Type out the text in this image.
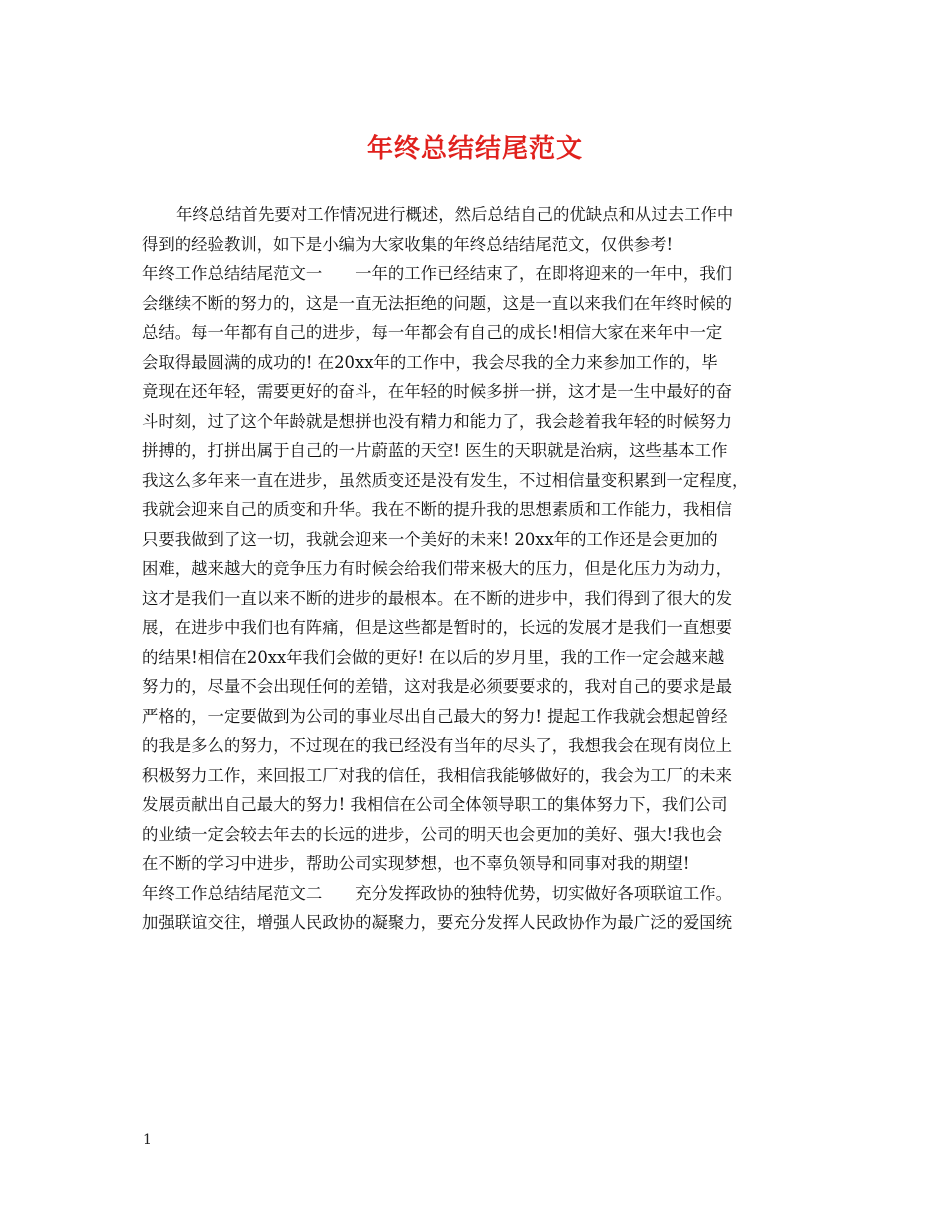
年终总结结尾范文
年终总结首先要对工作情况进行概述，然后总结自己的优缺点和从过去工作中
得到的经验教训，如下是小编为大家收集的年终总结结尾范文，仅供参考!
年终工作总结结尾范文一　　一年的工作已经结束了，在即将迎来的一年中，我们
会继续不断的努力的，这是一直无法拒绝的问题，这是一直以来我们在年终时候的
总结。每一年都有自己的进步，每一年都会有自己的成长!相信大家在来年中一定
会取得最圆满的成功的! 在20xx年的工作中，我会尽我的全力来参加工作的，毕
竟现在还年轻，需要更好的奋斗，在年轻的时候多拼一拼，这才是一生中最好的奋
斗时刻，过了这个年龄就是想拼也没有精力和能力了，我会趁着我年轻的时候努力
拼搏的，打拼出属于自己的一片蔚蓝的天空! 医生的天职就是治病，这些基本工作
我这么多年来一直在进步，虽然质变还是没有发生，不过相信量变积累到一定程度，
我就会迎来自己的质变和升华。我在不断的提升我的思想素质和工作能力，我相信
只要我做到了这一切，我就会迎来一个美好的未来! 20xx年的工作还是会更加的
困难，越来越大的竞争压力有时候会给我们带来极大的压力，但是化压力为动力，
这才是我们一直以来不断的进步的最根本。在不断的进步中，我们得到了很大的发
展，在进步中我们也有阵痛，但是这些都是暂时的，长远的发展才是我们一直想要
的结果!相信在20xx年我们会做的更好! 在以后的岁月里，我的工作一定会越来越
努力的，尽量不会出现任何的差错，这对我是必须要要求的，我对自己的要求是最
严格的，一定要做到为公司的事业尽出自己最大的努力! 提起工作我就会想起曾经
的我是多么的努力，不过现在的我已经没有当年的尽头了，我想我会在现有岗位上
积极努力工作，来回报工厂对我的信任，我相信我能够做好的，我会为工厂的未来
发展贡献出自己最大的努力! 我相信在公司全体领导职工的集体努力下，我们公司
的业绩一定会较去年去的长远的进步，公司的明天也会更加的美好、强大!我也会
在不断的学习中进步，帮助公司实现梦想，也不辜负领导和同事对我的期望!
年终工作总结结尾范文二　　充分发挥政协的独特优势，切实做好各项联谊工作。
加强联谊交往，增强人民政协的凝聚力，要充分发挥人民政协作为最广泛的爱国统
1
